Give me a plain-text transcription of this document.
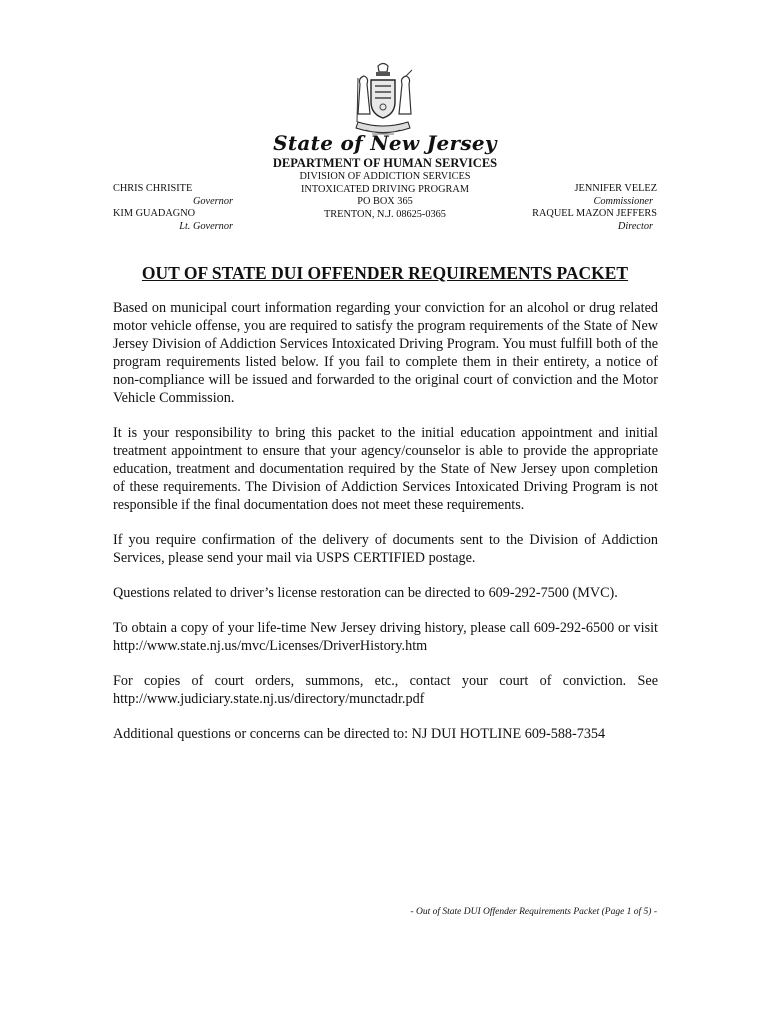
State of New Jersey
DEPARTMENT OF HUMAN SERVICES
DIVISION OF ADDICTION SERVICES
INTOXICATED DRIVING PROGRAM
PO BOX 365
TRENTON, N.J. 08625-0365
CHRIS CHRISITE
Governor
KIM GUADAGNO
Lt. Governor
JENNIFER VELEZ
Commissioner
RAQUEL MAZON JEFFERS
Director
OUT OF STATE DUI OFFENDER REQUIREMENTS PACKET

Based on municipal court information regarding your conviction for an alcohol or drug related motor vehicle offense, you are required to satisfy the program requirements of the State of New Jersey Division of Addiction Services Intoxicated Driving Program. You must fulfill both of the program requirements listed below. If you fail to complete them in their entirety, a notice of non-compliance will be issued and forwarded to the original court of conviction and the Motor Vehicle Commission.

It is your responsibility to bring this packet to the initial education appointment and initial treatment appointment to ensure that your agency/counselor is able to provide the appropriate education, treatment and documentation required by the State of New Jersey upon completion of these requirements. The Division of Addiction Services Intoxicated Driving Program is not responsible if the final documentation does not meet these requirements.

If you require confirmation of the delivery of documents sent to the Division of Addiction Services, please send your mail via USPS CERTIFIED postage.

Questions related to driver’s license restoration can be directed to 609-292-7500 (MVC).

To obtain a copy of your life-time New Jersey driving history, please call 609-292-6500 or visit http://www.state.nj.us/mvc/Licenses/DriverHistory.htm

For copies of court orders, summons, etc., contact your court of conviction. See http://www.judiciary.state.nj.us/directory/munctadr.pdf

Additional questions or concerns can be directed to: NJ DUI HOTLINE 609-588-7354

- Out of State DUI Offender Requirements Packet (Page 1 of 5) -
